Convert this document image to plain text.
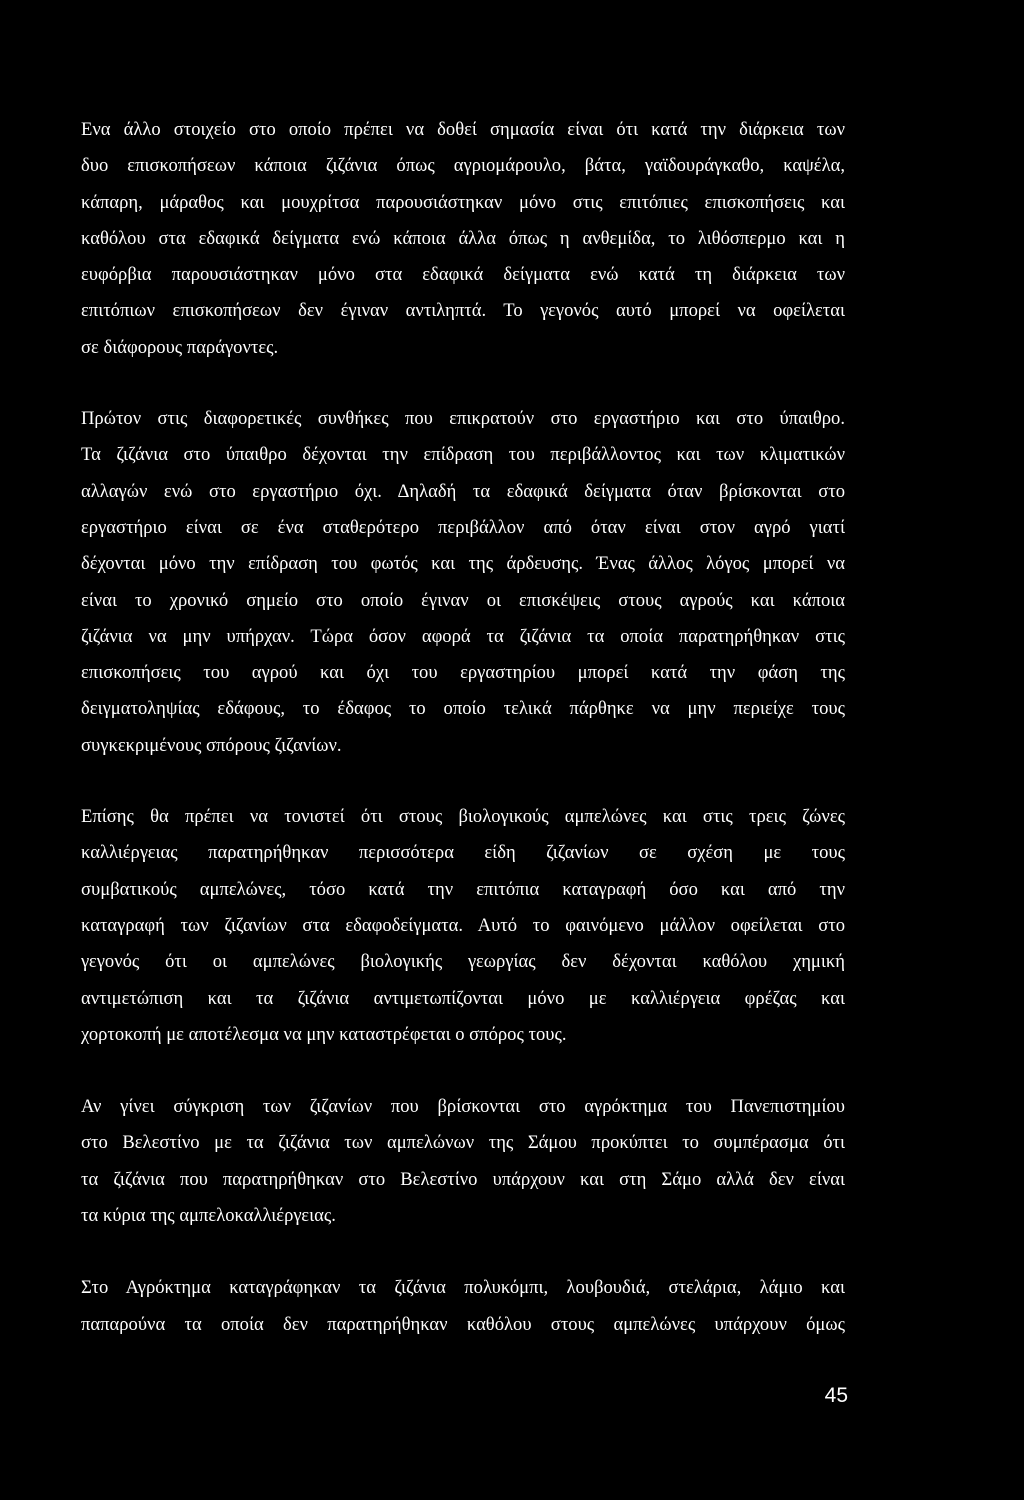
Ενα άλλο στοιχείο στο οποίο πρέπει να δοθεί σημασία είναι ότι κατά την διάρκεια των
δυο επισκοπήσεων κάποια ζιζάνια όπως αγριομάρουλο, βάτα, γαϊδουράγκαθο, καψέλα,
κάπαρη, μάραθος και μουχρίτσα παρουσιάστηκαν μόνο στις επιτόπιες επισκοπήσεις και
καθόλου στα εδαφικά δείγματα ενώ κάποια άλλα όπως η ανθεμίδα, το λιθόσπερμο και η
ευφόρβια παρουσιάστηκαν μόνο στα εδαφικά δείγματα ενώ κατά τη διάρκεια των
επιτόπιων επισκοπήσεων δεν έγιναν αντιληπτά. Το γεγονός αυτό μπορεί να οφείλεται
σε διάφορους παράγοντες.
Πρώτον στις διαφορετικές συνθήκες που επικρατούν στο εργαστήριο και στο ύπαιθρο.
Τα ζιζάνια στο ύπαιθρο δέχονται την επίδραση του περιβάλλοντος και των κλιματικών
αλλαγών ενώ στο εργαστήριο όχι. Δηλαδή τα εδαφικά δείγματα όταν βρίσκονται στο
εργαστήριο είναι σε ένα σταθερότερο περιβάλλον από όταν είναι στον αγρό γιατί
δέχονται μόνο την επίδραση του φωτός και της άρδευσης. Ένας άλλος λόγος μπορεί να
είναι το χρονικό σημείο στο οποίο έγιναν οι επισκέψεις στους αγρούς και κάποια
ζιζάνια να μην υπήρχαν. Τώρα όσον αφορά τα ζιζάνια τα οποία παρατηρήθηκαν στις
επισκοπήσεις του αγρού και όχι του εργαστηρίου μπορεί κατά την φάση της
δειγματοληψίας εδάφους, το έδαφος το οποίο τελικά πάρθηκε να μην περιείχε τους
συγκεκριμένους σπόρους ζιζανίων.
Επίσης θα πρέπει να τονιστεί ότι στους βιολογικούς αμπελώνες και στις τρεις ζώνες
καλλιέργειας παρατηρήθηκαν περισσότερα είδη ζιζανίων σε σχέση με τους
συμβατικούς αμπελώνες, τόσο κατά την επιτόπια καταγραφή όσο και από την
καταγραφή των ζιζανίων στα εδαφοδείγματα. Αυτό το φαινόμενο μάλλον οφείλεται στο
γεγονός ότι οι αμπελώνες βιολογικής γεωργίας δεν δέχονται καθόλου χημική
αντιμετώπιση και τα ζιζάνια αντιμετωπίζονται μόνο με καλλιέργεια φρέζας και
χορτοκοπή με αποτέλεσμα να μην καταστρέφεται ο σπόρος τους.
Αν γίνει σύγκριση των ζιζανίων που βρίσκονται στο αγρόκτημα του Πανεπιστημίου
στο Βελεστίνο με τα ζιζάνια των αμπελώνων της Σάμου προκύπτει το συμπέρασμα ότι
τα ζιζάνια που παρατηρήθηκαν στο Βελεστίνο υπάρχουν και στη Σάμο αλλά δεν είναι
τα κύρια της αμπελοκαλλιέργειας.
Στο Αγρόκτημα καταγράφηκαν τα ζιζάνια πολυκόμπι, λουβουδιά, στελάρια, λάμιο και
παπαρούνα τα οποία δεν παρατηρήθηκαν καθόλου στους αμπελώνες υπάρχουν όμως
45
